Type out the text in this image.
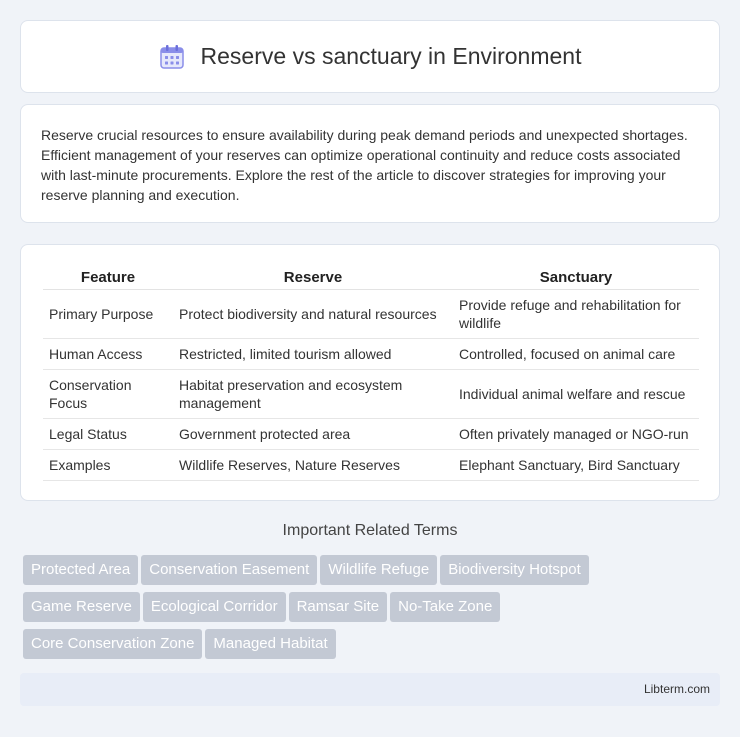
Reserve vs sanctuary in Environment

Reserve crucial resources to ensure availability during peak demand periods and unexpected shortages. Efficient management of your reserves can optimize operational continuity and reduce costs associated with last-minute procurements. Explore the rest of the article to discover strategies for improving your reserve planning and execution.

Feature	Reserve	Sanctuary
Primary Purpose	Protect biodiversity and natural resources	Provide refuge and rehabilitation for wildlife
Human Access	Restricted, limited tourism allowed	Controlled, focused on animal care
Conservation Focus	Habitat preservation and ecosystem management	Individual animal welfare and rescue
Legal Status	Government protected area	Often privately managed or NGO-run
Examples	Wildlife Reserves, Nature Reserves	Elephant Sanctuary, Bird Sanctuary
Important Related Terms
Protected Area Conservation Easement Wildlife Refuge Biodiversity Hotspot
Game Reserve Ecological Corridor Ramsar Site No-Take Zone
Core Conservation Zone Managed Habitat
Libterm.com
